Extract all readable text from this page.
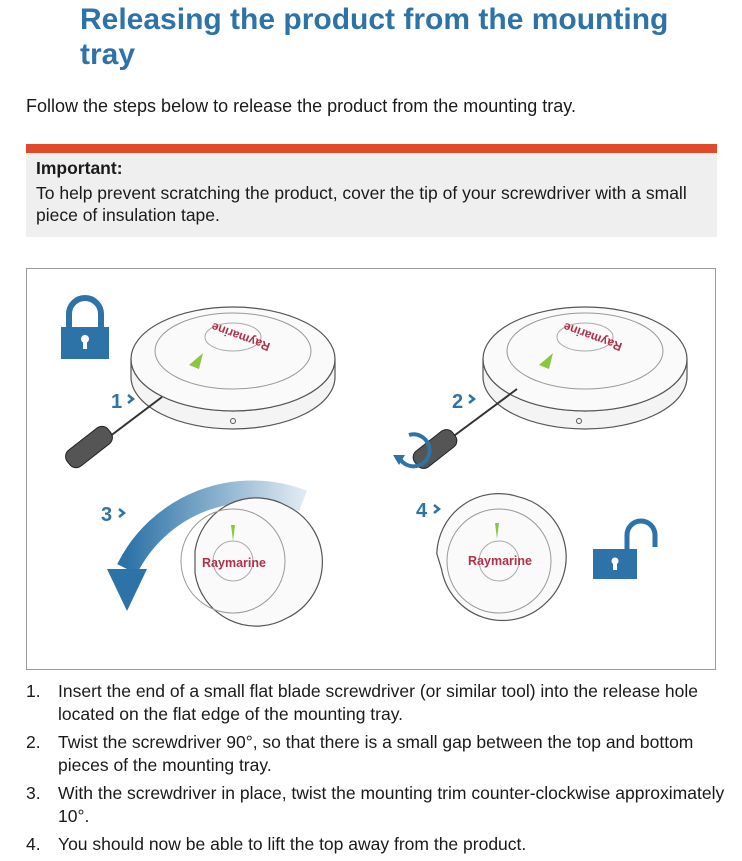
Releasing the product from the mounting tray

Follow the steps below to release the product from the mounting tray.

Important:

To help prevent scratching the product, cover the tip of your screwdriver with a small piece of insulation tape.

Raymarine
1
Raymarine
2
3
Raymarine
4
Raymarine
1. Insert the end of a small flat blade screwdriver (or similar tool) into the release hole located on the flat edge of the mounting tray.
2. Twist the screwdriver 90°, so that there is a small gap between the top and bottom pieces of the mounting tray.
3. With the screwdriver in place, twist the mounting trim counter-clockwise approximately 10°.
4. You should now be able to lift the top away from the product.
